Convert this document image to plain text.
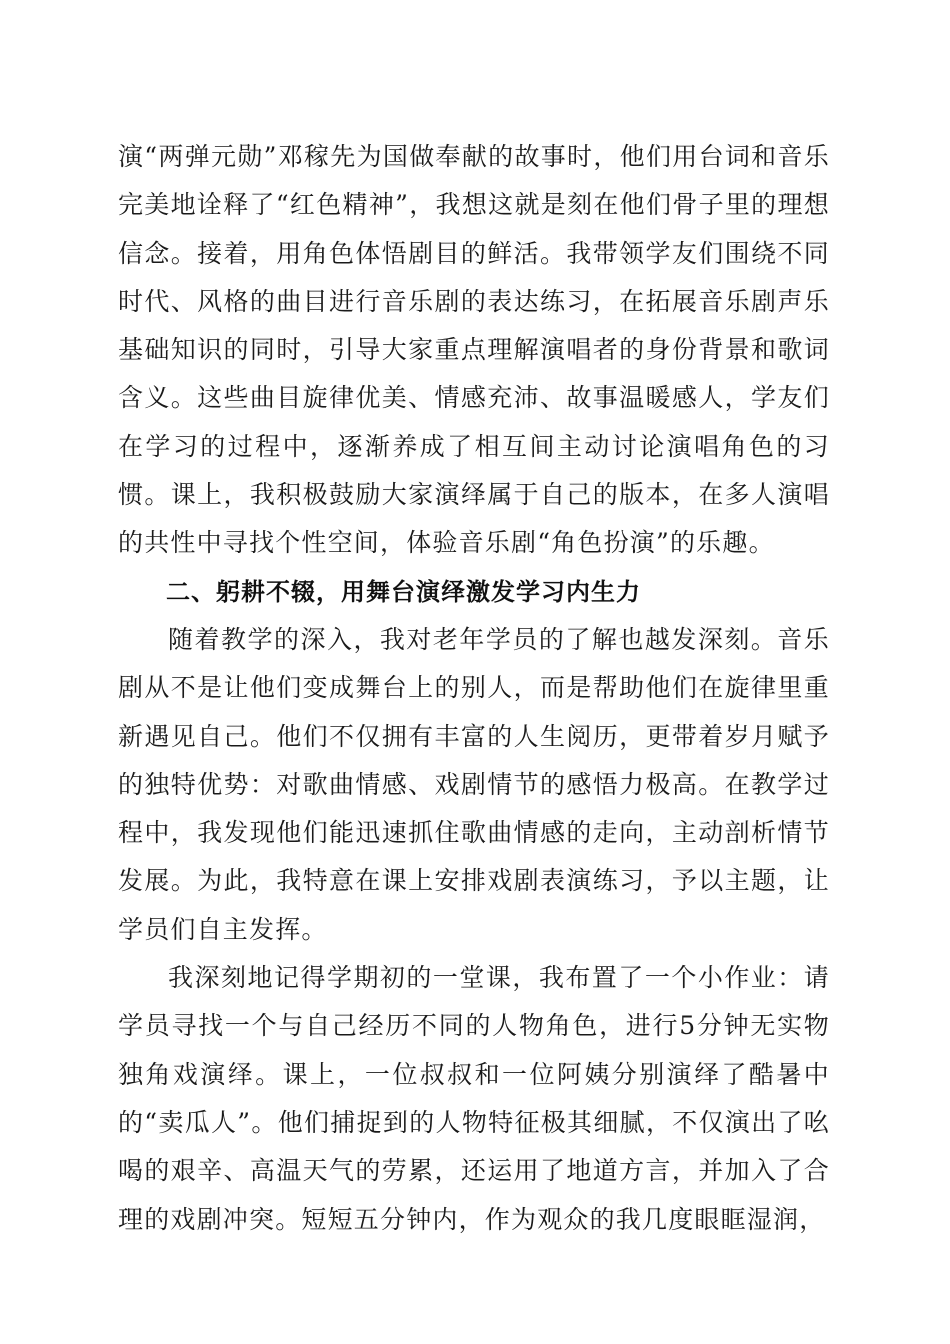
演“两弹元勋”邓稼先为国做奉献的故事时，他们用台词和音乐完美地诠释了“红色精神”，我想这就是刻在他们骨子里的理想信念。接着，用角色体悟剧目的鲜活。我带领学友们围绕不同时代、风格的曲目进行音乐剧的表达练习，在拓展音乐剧声乐基础知识的同时，引导大家重点理解演唱者的身份背景和歌词含义。这些曲目旋律优美、情感充沛、故事温暖感人，学友们在学习的过程中，逐渐养成了相互间主动讨论演唱角色的习惯。课上，我积极鼓励大家演绎属于自己的版本，在多人演唱的共性中寻找个性空间，体验音乐剧“角色扮演”的乐趣。

二、躬耕不辍，用舞台演绎激发学习内生力

随着教学的深入，我对老年学员的了解也越发深刻。音乐剧从不是让他们变成舞台上的别人，而是帮助他们在旋律里重新遇见自己。他们不仅拥有丰富的人生阅历，更带着岁月赋予的独特优势：对歌曲情感、戏剧情节的感悟力极高。在教学过程中，我发现他们能迅速抓住歌曲情感的走向，主动剖析情节发展。为此，我特意在课上安排戏剧表演练习，予以主题，让学员们自主发挥。

我深刻地记得学期初的一堂课，我布置了一个小作业：请学员寻找一个与自己经历不同的人物角色，进行5分钟无实物独角戏演绎。课上，一位叔叔和一位阿姨分别演绎了酷暑中的“卖瓜人”。他们捕捉到的人物特征极其细腻，不仅演出了吆喝的艰辛、高温天气的劳累，还运用了地道方言，并加入了合理的戏剧冲突。短短五分钟内，作为观众的我几度眼眶湿润，
